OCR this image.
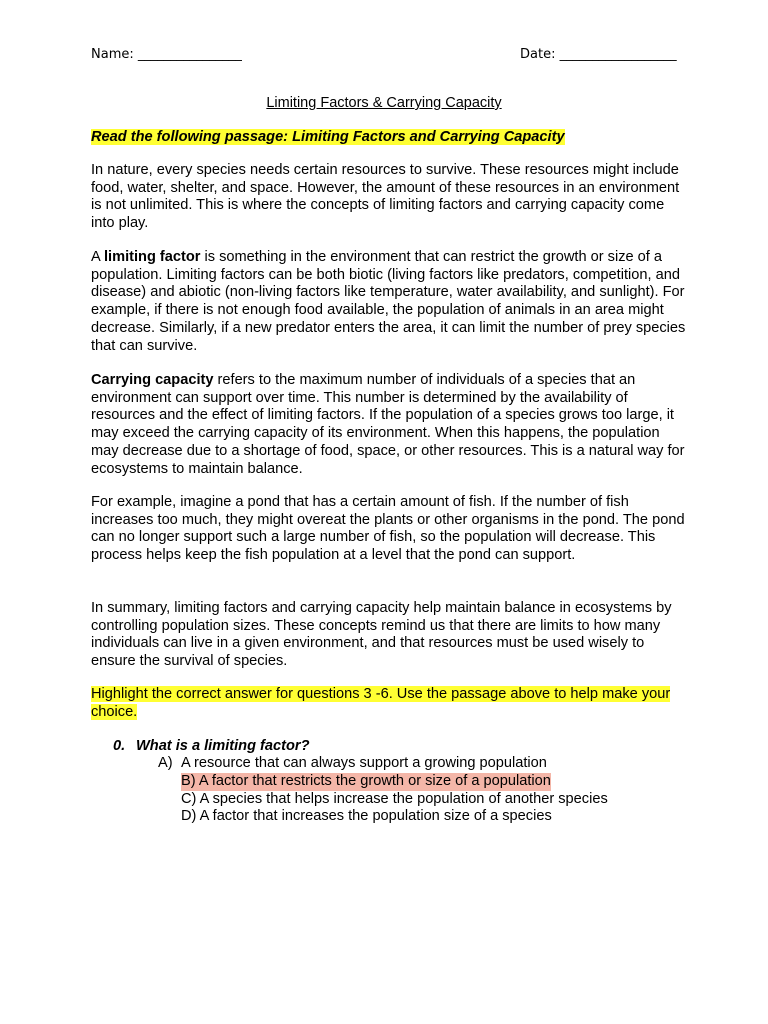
Name: ________________	Date: __________________
Limiting Factors & Carrying Capacity
Read the following passage: Limiting Factors and Carrying Capacity

In nature, every species needs certain resources to survive. These resources might include food, water, shelter, and space. However, the amount of these resources in an environment is not unlimited. This is where the concepts of limiting factors and carrying capacity come into play.

A limiting factor is something in the environment that can restrict the growth or size of a population. Limiting factors can be both biotic (living factors like predators, competition, and disease) and abiotic (non-living factors like temperature, water availability, and sunlight). For example, if there is not enough food available, the population of animals in an area might decrease. Similarly, if a new predator enters the area, it can limit the number of prey species that can survive.

Carrying capacity refers to the maximum number of individuals of a species that an environment can support over time. This number is determined by the availability of resources and the effect of limiting factors. If the population of a species grows too large, it may exceed the carrying capacity of its environment. When this happens, the population may decrease due to a shortage of food, space, or other resources. This is a natural way for ecosystems to maintain balance.

For example, imagine a pond that has a certain amount of fish. If the number of fish increases too much, they might overeat the plants or other organisms in the pond. The pond can no longer support such a large number of fish, so the population will decrease. This process helps keep the fish population at a level that the pond can support.

In summary, limiting factors and carrying capacity help maintain balance in ecosystems by controlling population sizes. These concepts remind us that there are limits to how many individuals can live in a given environment, and that resources must be used wisely to ensure the survival of species.

Highlight the correct answer for questions 3 -6. Use the passage above to help make your choice.
0. What is a limiting factor?
A) A resource that can always support a growing population
B) A factor that restricts the growth or size of a population
C) A species that helps increase the population of another species
D) A factor that increases the population size of a species
